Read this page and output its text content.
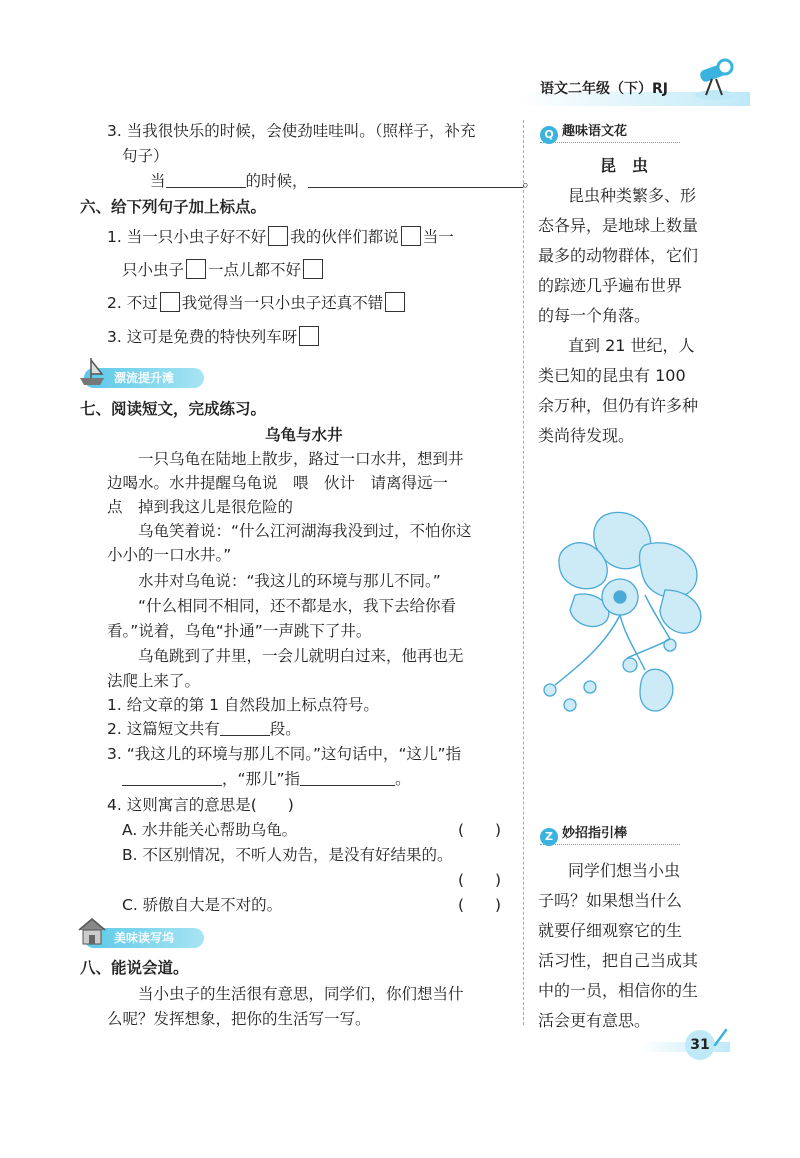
语文二年级（下）RJ
3. 当我很快乐的时候，会使劲哇哇叫。（照样子，补充
句子）
当	的时候，	。
六、给下列句子加上标点。
1. 当一只小虫子好不好 我的伙伴们都说 当一
只小虫子 一点儿都不好
2. 不过 我觉得当一只小虫子还真不错
3. 这可是免费的特快列车呀
漂流提升滩
七、阅读短文，完成练习。
乌龟与水井
一只乌龟在陆地上散步，路过一口水井，想到井
边喝水。水井提醒乌龟说　喂　伙计　请离得远一
点　掉到我这儿是很危险的
乌龟笑着说：“什么江河湖海我没到过，不怕你这
小小的一口水井。”
水井对乌龟说：“我这儿的环境与那儿不同。”
“什么相同不相同，还不都是水，我下去给你看
看。”说着，乌龟“扑通”一声跳下了井。
乌龟跳到了井里，一会儿就明白过来，他再也无
法爬上来了。
1. 给文章的第 1 自然段加上标点符号。
2. 这篇短文共有	段。
3. “我这儿的环境与那儿不同。”这句话中，“这儿”指
，“那儿”指	。
4. 这则寓言的意思是(　　)
A. 水井能关心帮助乌龟。	(　　)
B. 不区别情况，不听人劝告，是没有好结果的。
(　　)
C. 骄傲自大是不对的。	(　　)
美味读写坞
八、能说会道。
当小虫子的生活很有意思，同学们，你们想当什
么呢？发挥想象，把你的生活写一写。
Q 趣味语文花
昆　虫
昆虫种类繁多、形
态各异，是地球上数量
最多的动物群体，它们
的踪迹几乎遍布世界
的每一个角落。
直到 21 世纪，人
类已知的昆虫有 100
余万种，但仍有许多种
类尚待发现。
Z 妙招指引棒
同学们想当小虫
子吗？如果想当什么
就要仔细观察它的生
活习性，把自己当成其
中的一员，相信你的生
活会更有意思。
31
